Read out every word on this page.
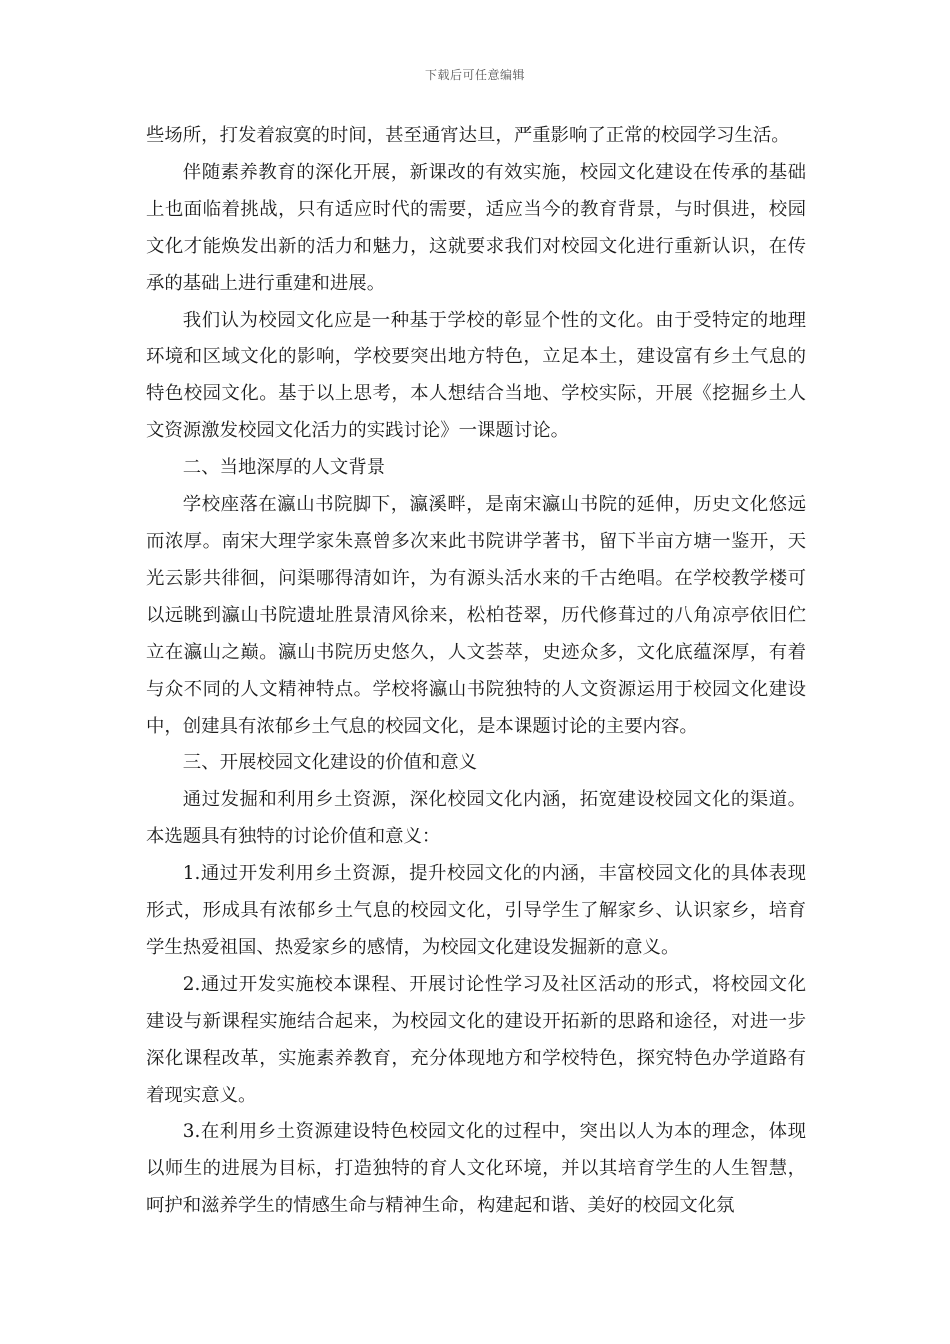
下载后可任意编辑

些场所，打发着寂寞的时间，甚至通宵达旦，严重影响了正常的校园学习生活。

伴随素养教育的深化开展，新课改的有效实施，校园文化建设在传承的基础上也面临着挑战，只有适应时代的需要，适应当今的教育背景，与时俱进，校园文化才能焕发出新的活力和魅力，这就要求我们对校园文化进行重新认识，在传承的基础上进行重建和进展。

我们认为校园文化应是一种基于学校的彰显个性的文化。由于受特定的地理环境和区域文化的影响，学校要突出地方特色，立足本土，建设富有乡土气息的特色校园文化。基于以上思考，本人想结合当地、学校实际，开展《挖掘乡土人文资源激发校园文化活力的实践讨论》一课题讨论。

二、当地深厚的人文背景

学校座落在瀛山书院脚下，瀛溪畔，是南宋瀛山书院的延伸，历史文化悠远而浓厚。南宋大理学家朱熹曾多次来此书院讲学著书，留下半亩方塘一鉴开，天光云影共徘徊，问渠哪得清如许，为有源头活水来的千古绝唱。在学校教学楼可以远眺到瀛山书院遗址胜景清风徐来，松柏苍翠，历代修葺过的八角凉亭依旧伫立在瀛山之巅。瀛山书院历史悠久，人文荟萃，史迹众多，文化底蕴深厚，有着与众不同的人文精神特点。学校将瀛山书院独特的人文资源运用于校园文化建设中，创建具有浓郁乡土气息的校园文化，是本课题讨论的主要内容。

三、开展校园文化建设的价值和意义

通过发掘和利用乡土资源，深化校园文化内涵，拓宽建设校园文化的渠道。本选题具有独特的讨论价值和意义：

1.通过开发利用乡土资源，提升校园文化的内涵，丰富校园文化的具体表现形式，形成具有浓郁乡土气息的校园文化，引导学生了解家乡、认识家乡，培育学生热爱祖国、热爱家乡的感情，为校园文化建设发掘新的意义。

2.通过开发实施校本课程、开展讨论性学习及社区活动的形式，将校园文化建设与新课程实施结合起来，为校园文化的建设开拓新的思路和途径，对进一步深化课程改革，实施素养教育，充分体现地方和学校特色，探究特色办学道路有着现实意义。

3.在利用乡土资源建设特色校园文化的过程中，突出以人为本的理念，体现以师生的进展为目标，打造独特的育人文化环境，并以其培育学生的人生智慧，呵护和滋养学生的情感生命与精神生命，构建起和谐、美好的校园文化氛
